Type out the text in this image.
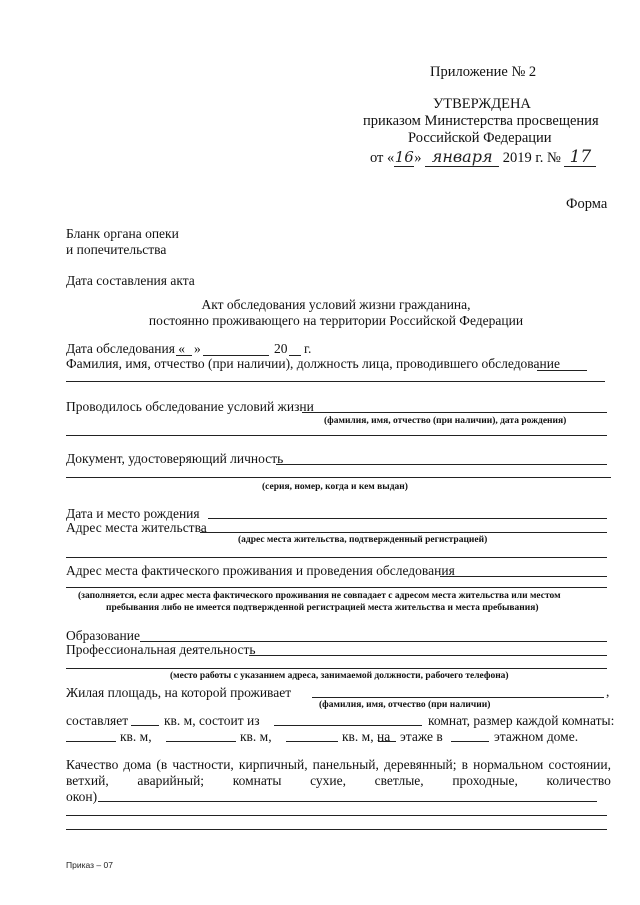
Приложение № 2
УТВЕРЖДЕНА
приказом Министерства просвещения
Российской Федерации
от «16» января 2019 г. № 17
Форма
Бланк органа опеки
и попечительства
Дата составления акта
Акт обследования условий жизни гражданина,
постоянно проживающего на территории Российской Федерации
Дата обследования « »	20 г.
Фамилия, имя, отчество (при наличии), должность лица, проводившего обследование
Проводилось обследование условий жизни
(фамилия, имя, отчество (при наличии), дата рождения)
Документ, удостоверяющий личность
(серия, номер, когда и кем выдан)
Дата и место рождения
Адрес места жительства
(адрес места жительства, подтвержденный регистрацией)
Адрес места фактического проживания и проведения обследования
(заполняется, если адрес места фактического проживания не совпадает с адресом места жительства или местом
пребывания либо не имеется подтвержденной регистрацией места жительства и места пребывания)
Образование
Профессиональная деятельность
(место работы с указанием адреса, занимаемой должности, рабочего телефона)
Жилая площадь, на которой проживает	,
(фамилия, имя, отчество (при наличии)
составляет	кв. м, состоит из	комнат, размер каждой комнаты:
кв. м,	кв. м,	кв. м, на этаже в	этажном доме.
Качество дома (в частности, кирпичный, панельный, деревянный; в нормальном состоянии,
ветхий, аварийный; комнаты сухие, светлые, проходные, количество
окон)
Приказ – 07
